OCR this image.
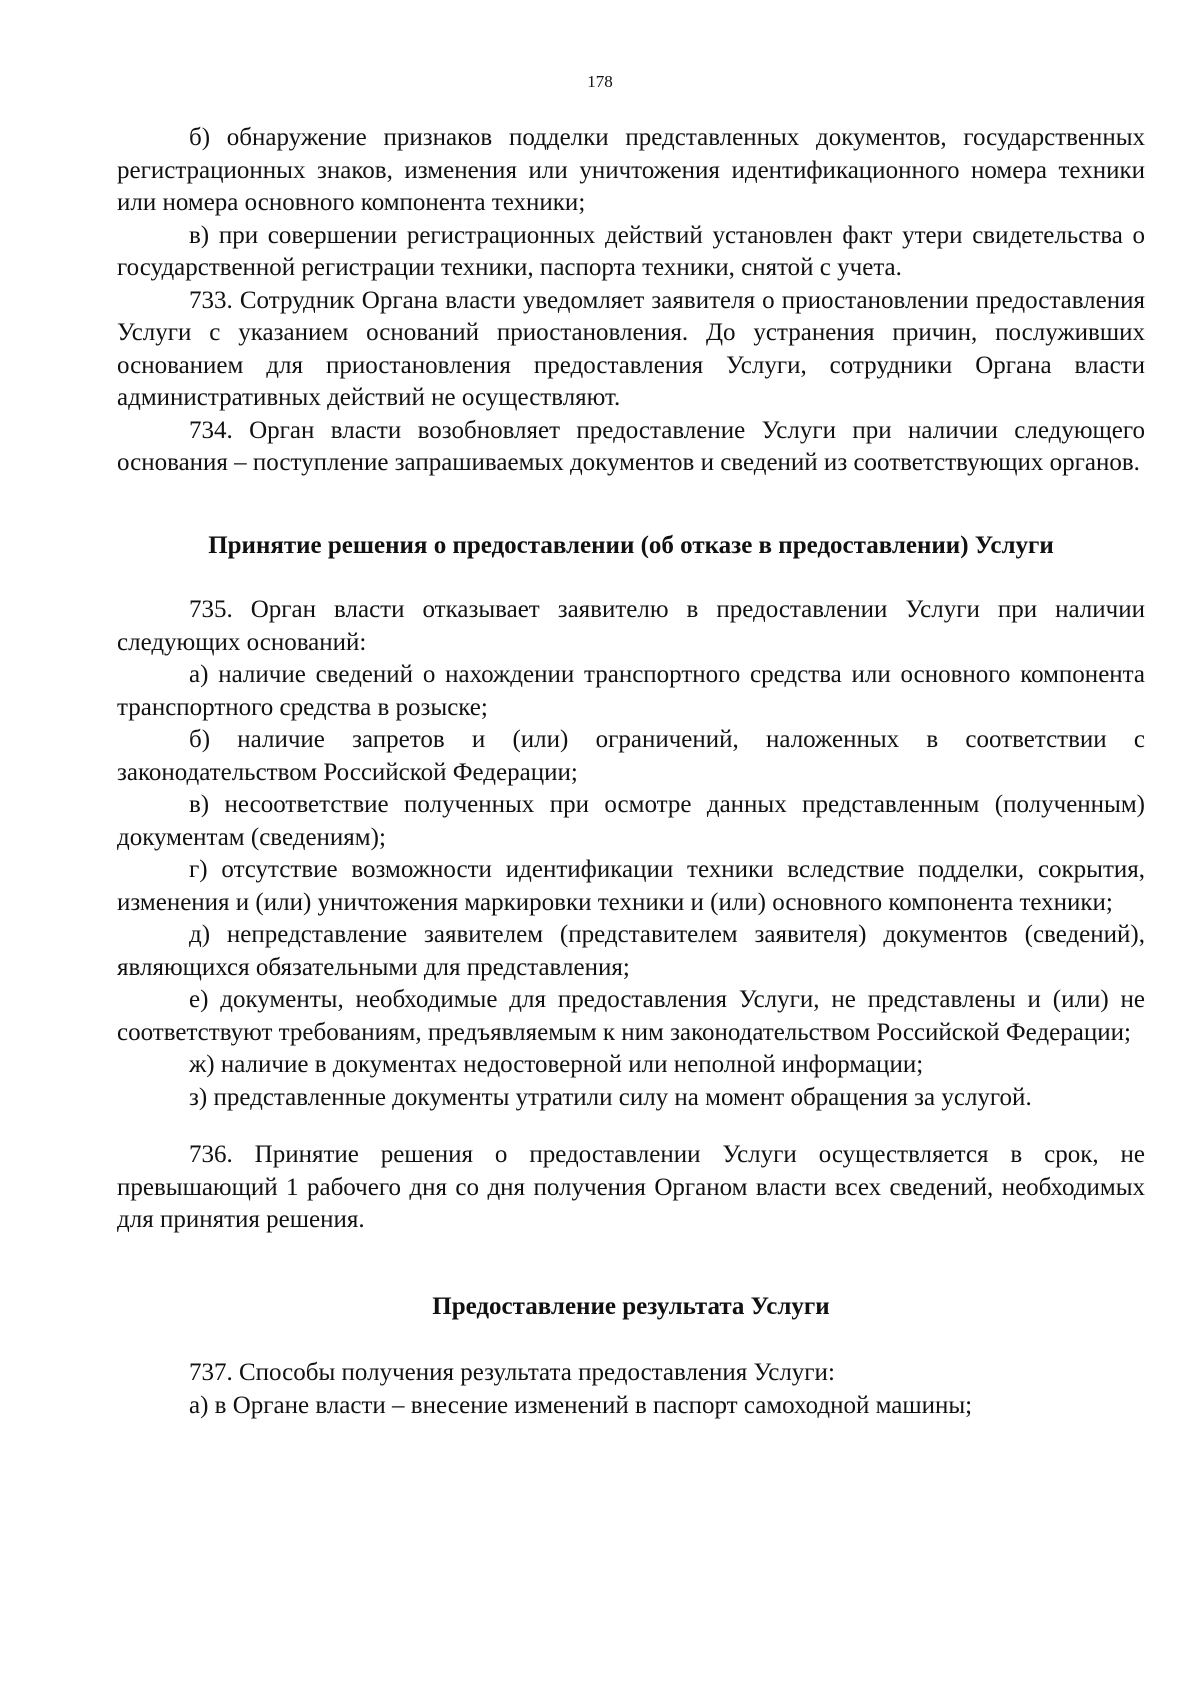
178

б) обнаружение признаков подделки представленных документов, государственных регистрационных знаков, изменения или уничтожения идентификационного номера техники или номера основного компонента техники;

в) при совершении регистрационных действий установлен факт утери свидетельства о государственной регистрации техники, паспорта техники, снятой с учета.

733. Сотрудник Органа власти уведомляет заявителя о приостановлении предоставления Услуги с указанием оснований приостановления. До устранения причин, послуживших основанием для приостановления предоставления Услуги, сотрудники Органа власти административных действий не осуществляют.

734. Орган власти возобновляет предоставление Услуги при наличии следующего основания – поступление запрашиваемых документов и сведений из соответствующих органов.

Принятие решения о предоставлении (об отказе в предоставлении) Услуги

735. Орган власти отказывает заявителю в предоставлении Услуги при наличии следующих оснований:

а) наличие сведений о нахождении транспортного средства или основного компонента транспортного средства в розыске;

б) наличие запретов и (или) ограничений, наложенных в соответствии с законодательством Российской Федерации;

в) несоответствие полученных при осмотре данных представленным (полученным) документам (сведениям);

г) отсутствие возможности идентификации техники вследствие подделки, сокрытия, изменения и (или) уничтожения маркировки техники и (или) основного компонента техники;

д) непредставление заявителем (представителем заявителя) документов (сведений), являющихся обязательными для представления;

е) документы, необходимые для предоставления Услуги, не представлены и (или) не соответствуют требованиям, предъявляемым к ним законодательством Российской Федерации;

ж) наличие в документах недостоверной или неполной информации;

з) представленные документы утратили силу на момент обращения за услугой.

736. Принятие решения о предоставлении Услуги осуществляется в срок, не превышающий 1 рабочего дня со дня получения Органом власти всех сведений, необходимых для принятия решения.

Предоставление результата Услуги

737. Способы получения результата предоставления Услуги:

а) в Органе власти – внесение изменений в паспорт самоходной машины;
